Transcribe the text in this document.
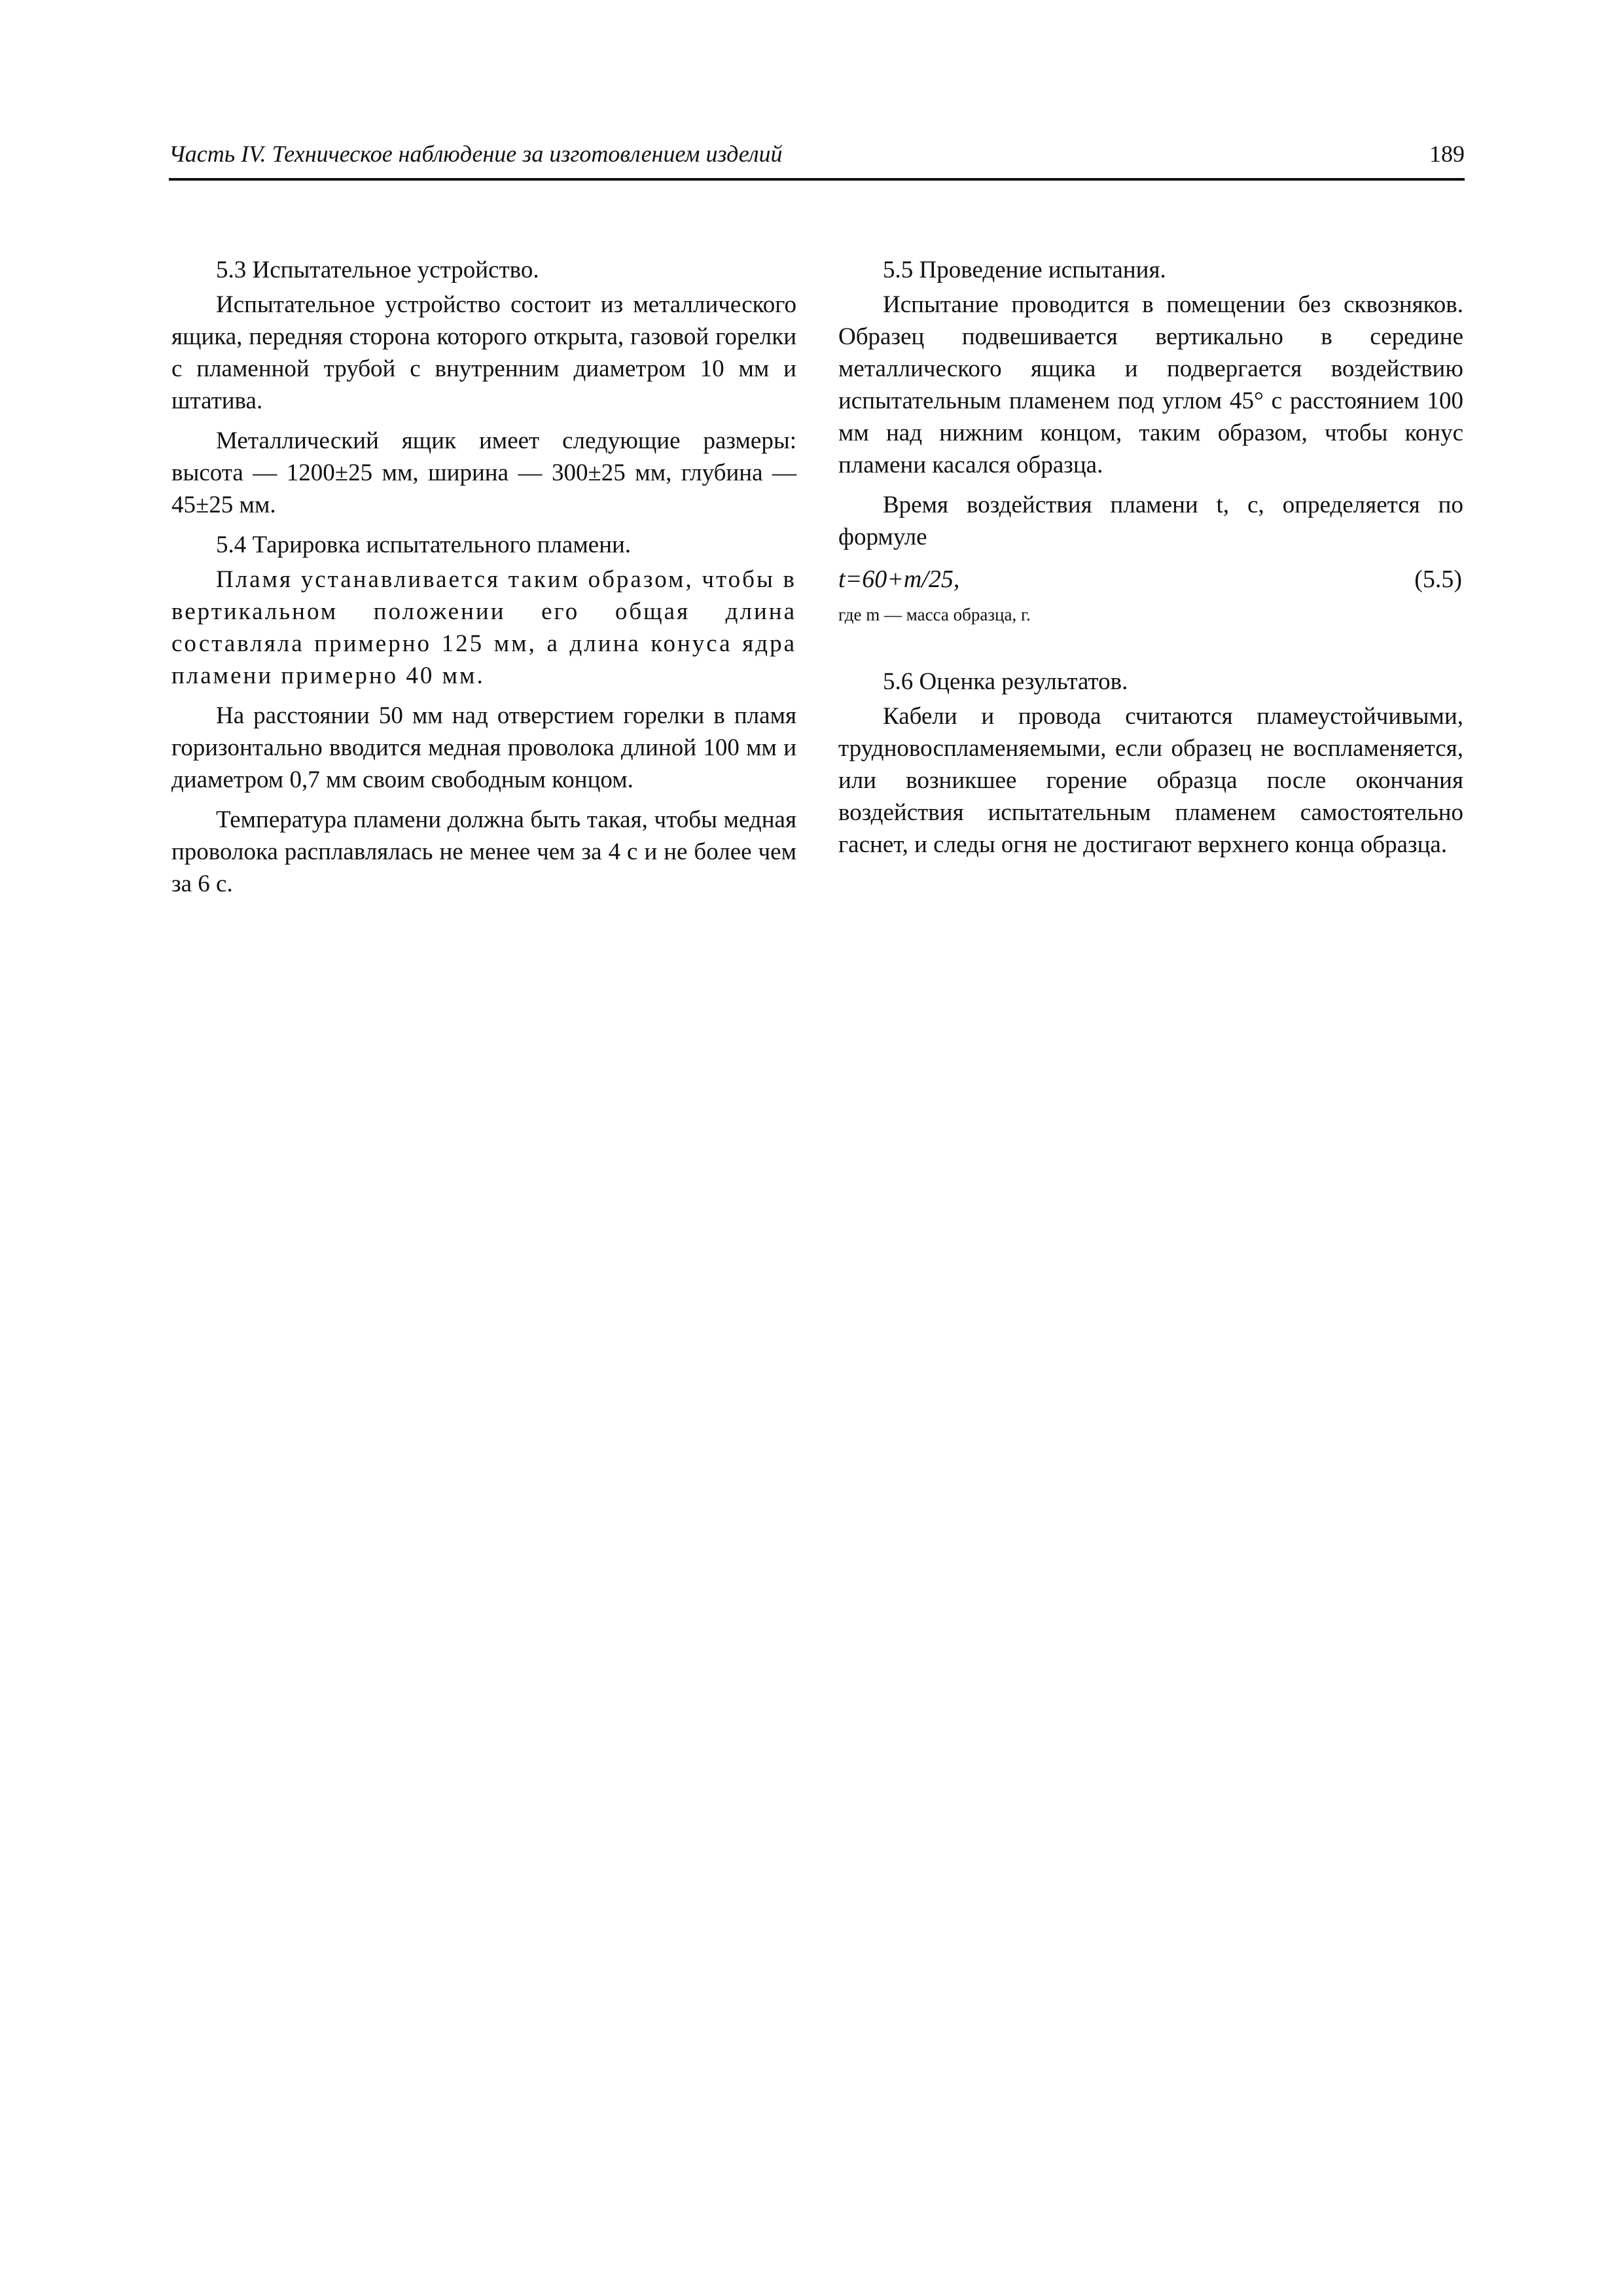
Часть IV. Техническое наблюдение за изготовлением изделий	189

5.3 Испытательное устройство.

Испытательное устройство состоит из металлического ящика, передняя сторона которого открыта, газовой горелки с пламенной трубой с внутренним диаметром 10 мм и штатива.

Металлический ящик имеет следующие размеры: высота — 1200±25 мм, ширина — 300±25 мм, глубина — 45±25 мм.

5.4 Тарировка испытательного пламени.

Пламя устанавливается таким образом, чтобы в вертикальном положении его общая длина составляла примерно 125 мм, а длина конуса ядра пламени примерно 40 мм.

На расстоянии 50 мм над отверстием горелки в пламя горизонтально вводится медная проволока длиной 100 мм и диаметром 0,7 мм своим свободным концом.

Температура пламени должна быть такая, чтобы медная проволока расплавлялась не менее чем за 4 с и не более чем за 6 с.

5.5 Проведение испытания.

Испытание проводится в помещении без сквозняков. Образец подвешивается вертикально в середине металлического ящика и подвергается воздействию испытательным пламенем под углом 45° с расстоянием 100 мм над нижним концом, таким образом, чтобы конус пламени касался образца.

Время воздействия пламени t, с, определяется по формуле

t=60+m/25,	(5.5)

где m — масса образца, г.

5.6 Оценка результатов.

Кабели и провода считаются пламеустойчивыми, трудновоспламеняемыми, если образец не воспламеняется, или возникшее горение образца после окончания воздействия испытательным пламенем самостоятельно гаснет, и следы огня не достигают верхнего конца образца.
